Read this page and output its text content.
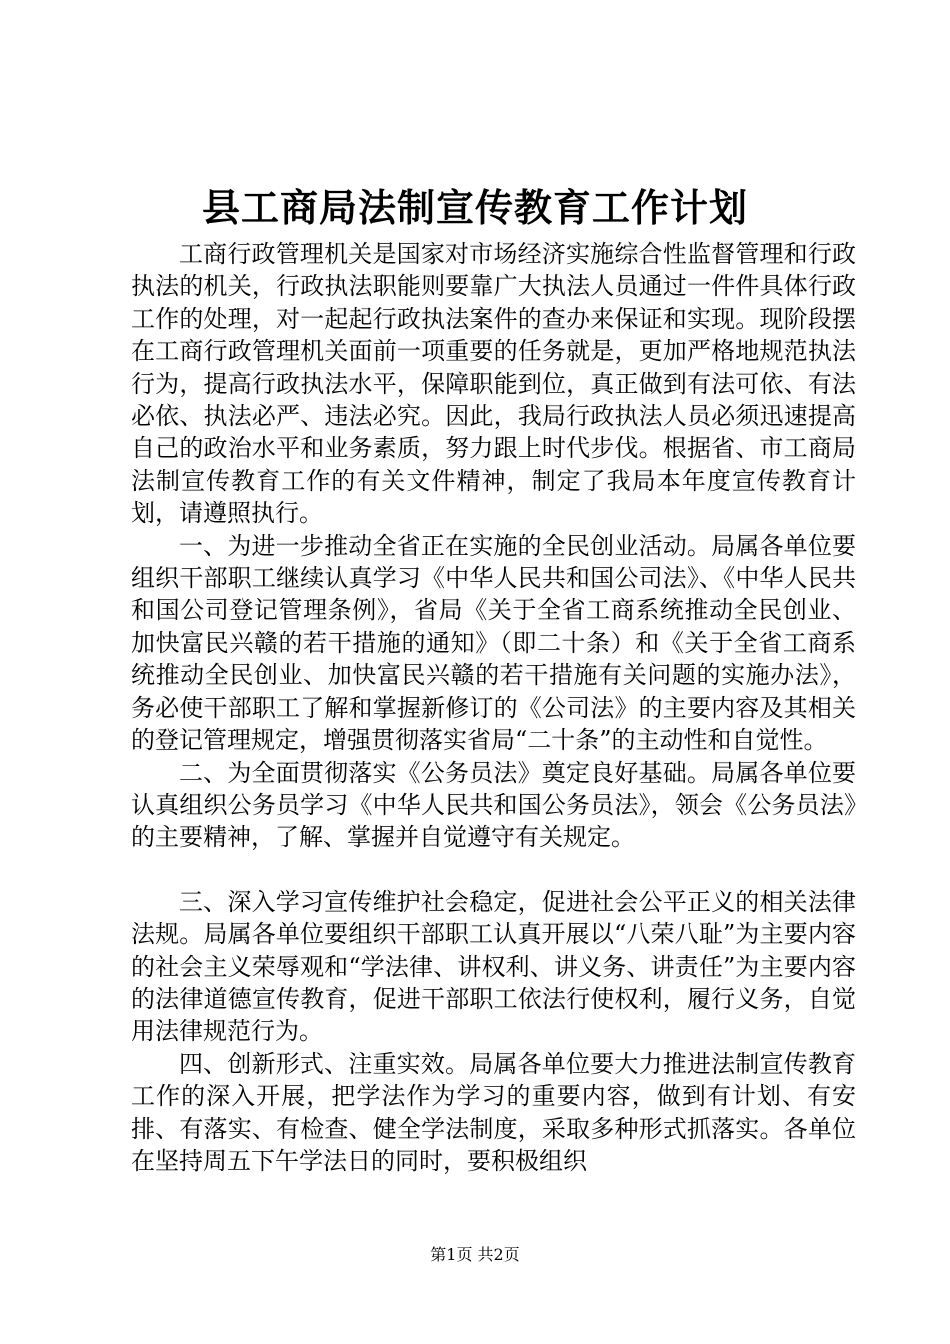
县工商局法制宣传教育工作计划

工商行政管理机关是国家对市场经济实施综合性监督管理和行政执法的机关，行政执法职能则要靠广大执法人员通过一件件具体行政工作的处理，对一起起行政执法案件的查办来保证和实现。现阶段摆在工商行政管理机关面前一项重要的任务就是，更加严格地规范执法行为，提高行政执法水平，保障职能到位，真正做到有法可依、有法必依、执法必严、违法必究。因此，我局行政执法人员必须迅速提高自己的政治水平和业务素质，努力跟上时代步伐。根据省、市工商局法制宣传教育工作的有关文件精神，制定了我局本年度宣传教育计划，请遵照执行。

一、为进一步推动全省正在实施的全民创业活动。局属各单位要组织干部职工继续认真学习《中华人民共和国公司法》、《中华人民共和国公司登记管理条例》，省局《关于全省工商系统推动全民创业、加快富民兴赣的若干措施的通知》（即二十条）和《关于全省工商系统推动全民创业、加快富民兴赣的若干措施有关问题的实施办法》，务必使干部职工了解和掌握新修订的《公司法》的主要内容及其相关的登记管理规定，增强贯彻落实省局“二十条”的主动性和自觉性。

二、为全面贯彻落实《公务员法》奠定良好基础。局属各单位要认真组织公务员学习《中华人民共和国公务员法》，领会《公务员法》的主要精神，了解、掌握并自觉遵守有关规定。

三、深入学习宣传维护社会稳定，促进社会公平正义的相关法律法规。局属各单位要组织干部职工认真开展以“八荣八耻”为主要内容的社会主义荣辱观和“学法律、讲权利、讲义务、讲责任”为主要内容的法律道德宣传教育，促进干部职工依法行使权利，履行义务，自觉用法律规范行为。

四、创新形式、注重实效。局属各单位要大力推进法制宣传教育工作的深入开展，把学法作为学习的重要内容，做到有计划、有安排、有落实、有检查、健全学法制度，采取多种形式抓落实。各单位在坚持周五下午学法日的同时，要积极组织

第1页 共2页
